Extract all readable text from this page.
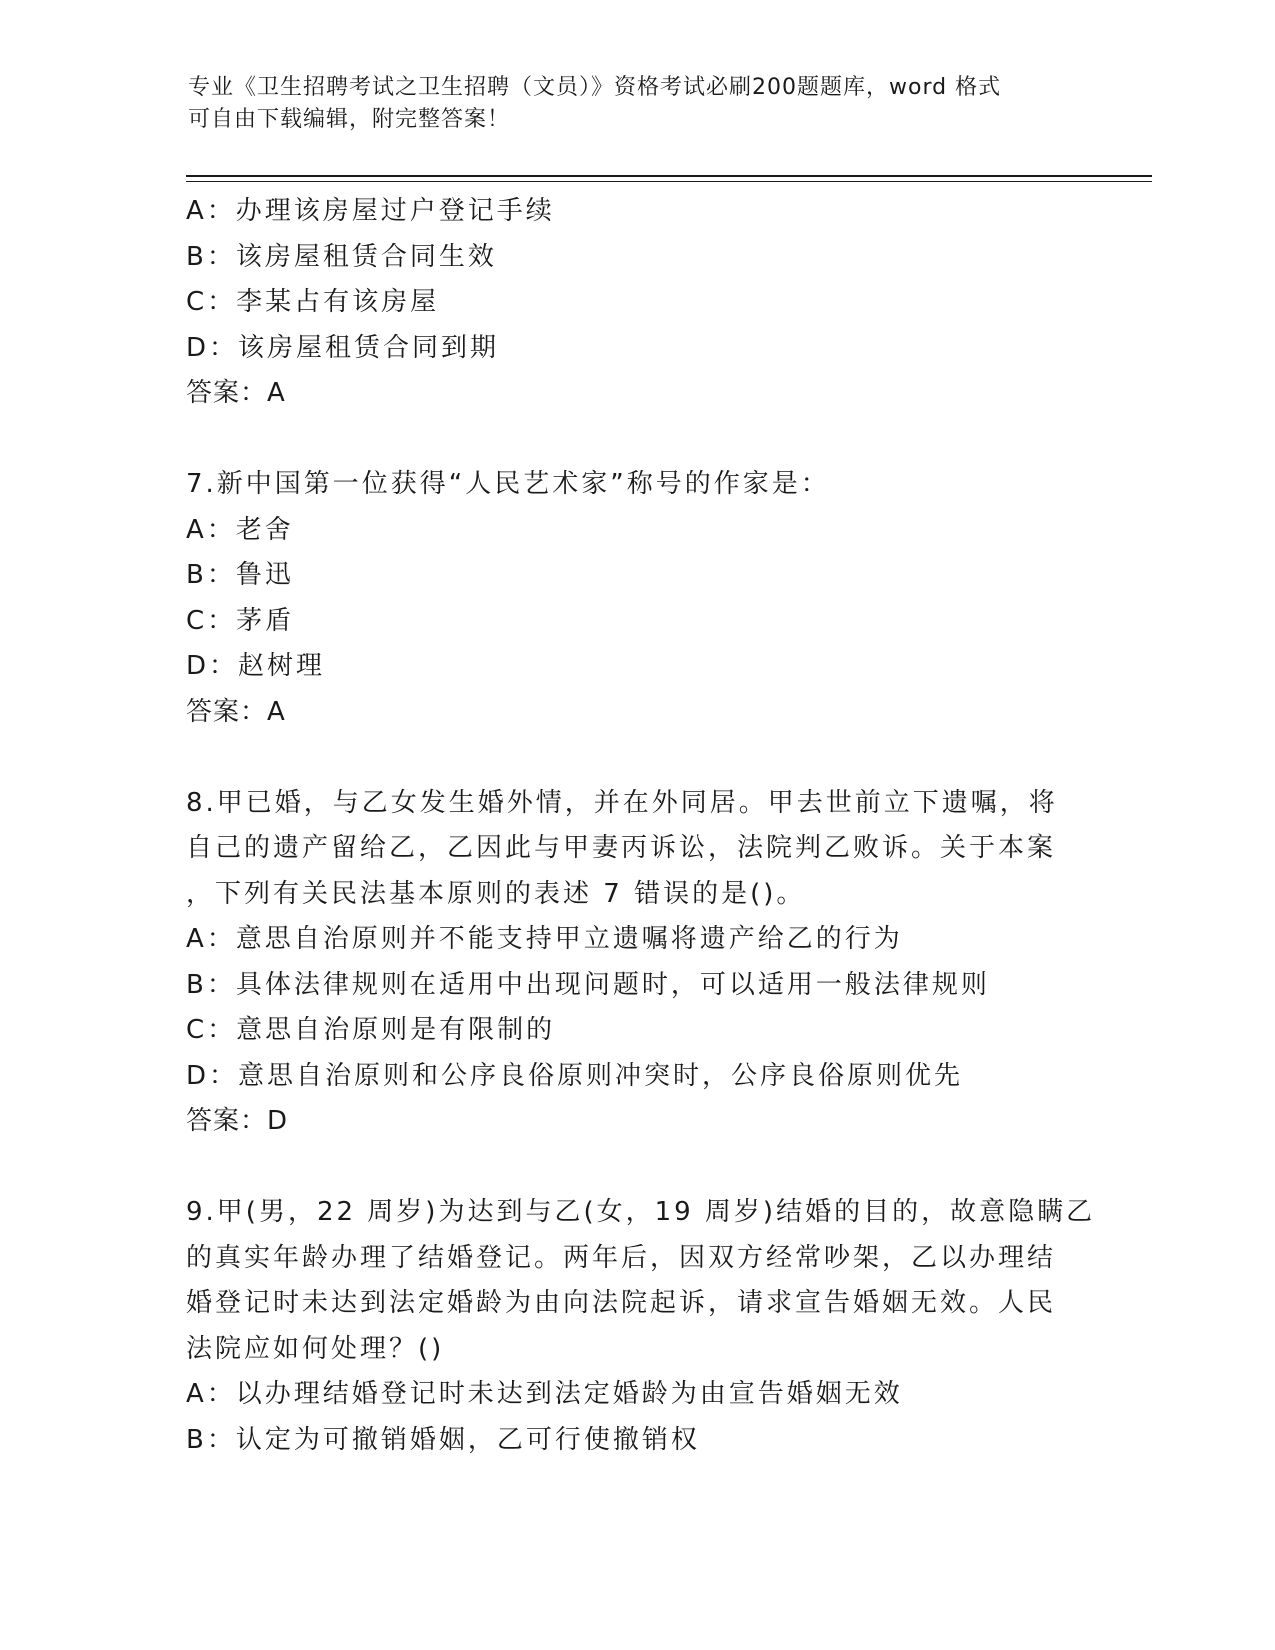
专业《卫生招聘考试之卫生招聘（文员）》资格考试必刷200题题库，word 格式
可自由下载编辑，附完整答案！
A：办理该房屋过户登记手续
B：该房屋租赁合同生效
C：李某占有该房屋
D：该房屋租赁合同到期
答案：A
7.新中国第一位获得“人民艺术家”称号的作家是：
A：老舍
B：鲁迅
C：茅盾
D：赵树理
答案：A
8.甲已婚，与乙女发生婚外情，并在外同居。甲去世前立下遗嘱，将
自己的遗产留给乙，乙因此与甲妻丙诉讼，法院判乙败诉。关于本案
，下列有关民法基本原则的表述 7 错误的是()。
A：意思自治原则并不能支持甲立遗嘱将遗产给乙的行为
B：具体法律规则在适用中出现问题时，可以适用一般法律规则
C：意思自治原则是有限制的
D：意思自治原则和公序良俗原则冲突时，公序良俗原则优先
答案：D
9.甲(男，22 周岁)为达到与乙(女，19 周岁)结婚的目的，故意隐瞒乙
的真实年龄办理了结婚登记。两年后，因双方经常吵架，乙以办理结
婚登记时未达到法定婚龄为由向法院起诉，请求宣告婚姻无效。人民
法院应如何处理？()
A：以办理结婚登记时未达到法定婚龄为由宣告婚姻无效
B：认定为可撤销婚姻，乙可行使撤销权
